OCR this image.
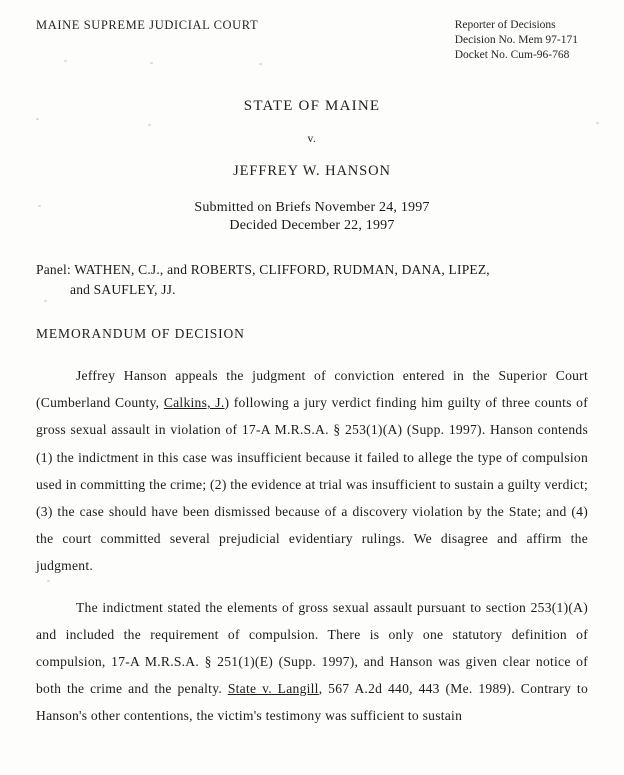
MAINE SUPREME JUDICIAL COURT	Reporter of Decisions
Decision No. Mem 97-171
Docket No. Cum-96-768
STATE OF MAINE
v.
JEFFREY W. HANSON
Submitted on Briefs November 24, 1997
Decided December 22, 1997
Panel: WATHEN, C.J., and ROBERTS, CLIFFORD, RUDMAN, DANA, LIPEZ,
and SAUFLEY, JJ.
MEMORANDUM OF DECISION

Jeffrey Hanson appeals the judgment of conviction entered in the Superior Court (Cumberland County, Calkins, J.) following a jury verdict finding him guilty of three counts of gross sexual assault in violation of 17-A M.R.S.A. § 253(1)(A) (Supp. 1997). Hanson contends (1) the indictment in this case was insufficient because it failed to allege the type of compulsion used in committing the crime; (2) the evidence at trial was insufficient to sustain a guilty verdict; (3) the case should have been dismissed because of a discovery violation by the State; and (4) the court committed several prejudicial evidentiary rulings. We disagree and affirm the judgment.

The indictment stated the elements of gross sexual assault pursuant to section 253(1)(A) and included the requirement of compulsion. There is only one statutory definition of compulsion, 17-A M.R.S.A. § 251(1)(E) (Supp. 1997), and Hanson was given clear notice of both the crime and the penalty. State v. Langill, 567 A.2d 440, 443 (Me. 1989). Contrary to Hanson's other contentions, the victim's testimony was sufficient to sustain
